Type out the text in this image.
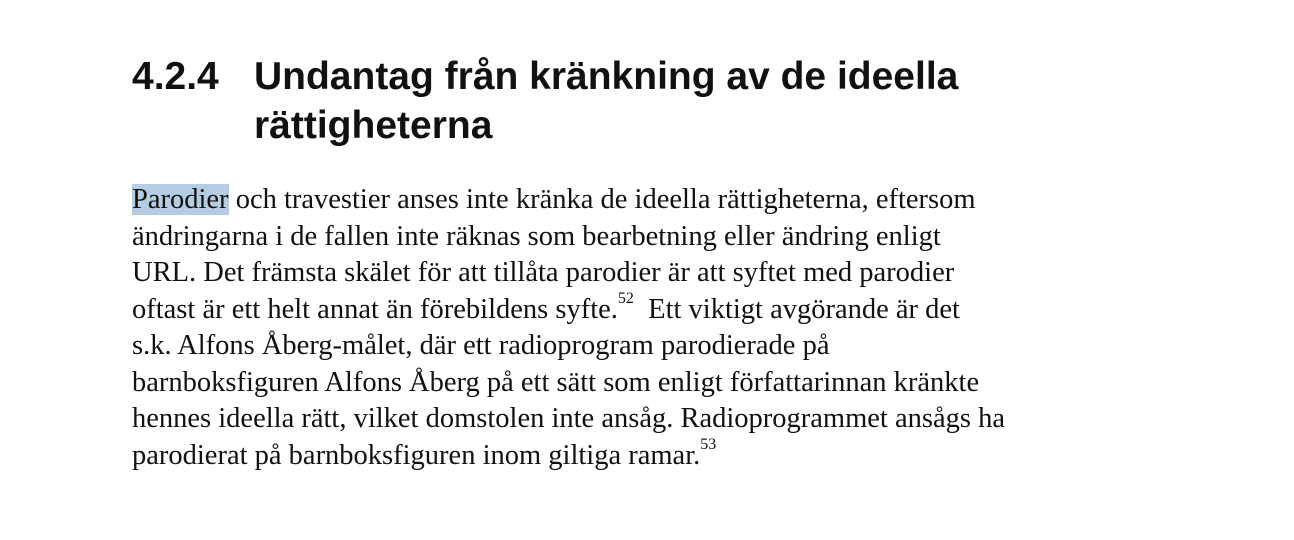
4.2.4 Undantag från kränkning av de ideella
rättigheterna
Parodier och travestier anses inte kränka de ideella rättigheterna, eftersom
ändringarna i de fallen inte räknas som bearbetning eller ändring enligt
URL. Det främsta skälet för att tillåta parodier är att syftet med parodier
oftast är ett helt annat än förebildens syfte.$^{52}$  Ett viktigt avgörande är det
s.k. Alfons Åberg-målet, där ett radioprogram parodierade på
barnboksfiguren Alfons Åberg på ett sätt som enligt författarinnan kränkte
hennes ideella rätt, vilket domstolen inte ansåg. Radioprogrammet ansågs ha
parodierat på barnboksfiguren inom giltiga ramar.$^{53}$
